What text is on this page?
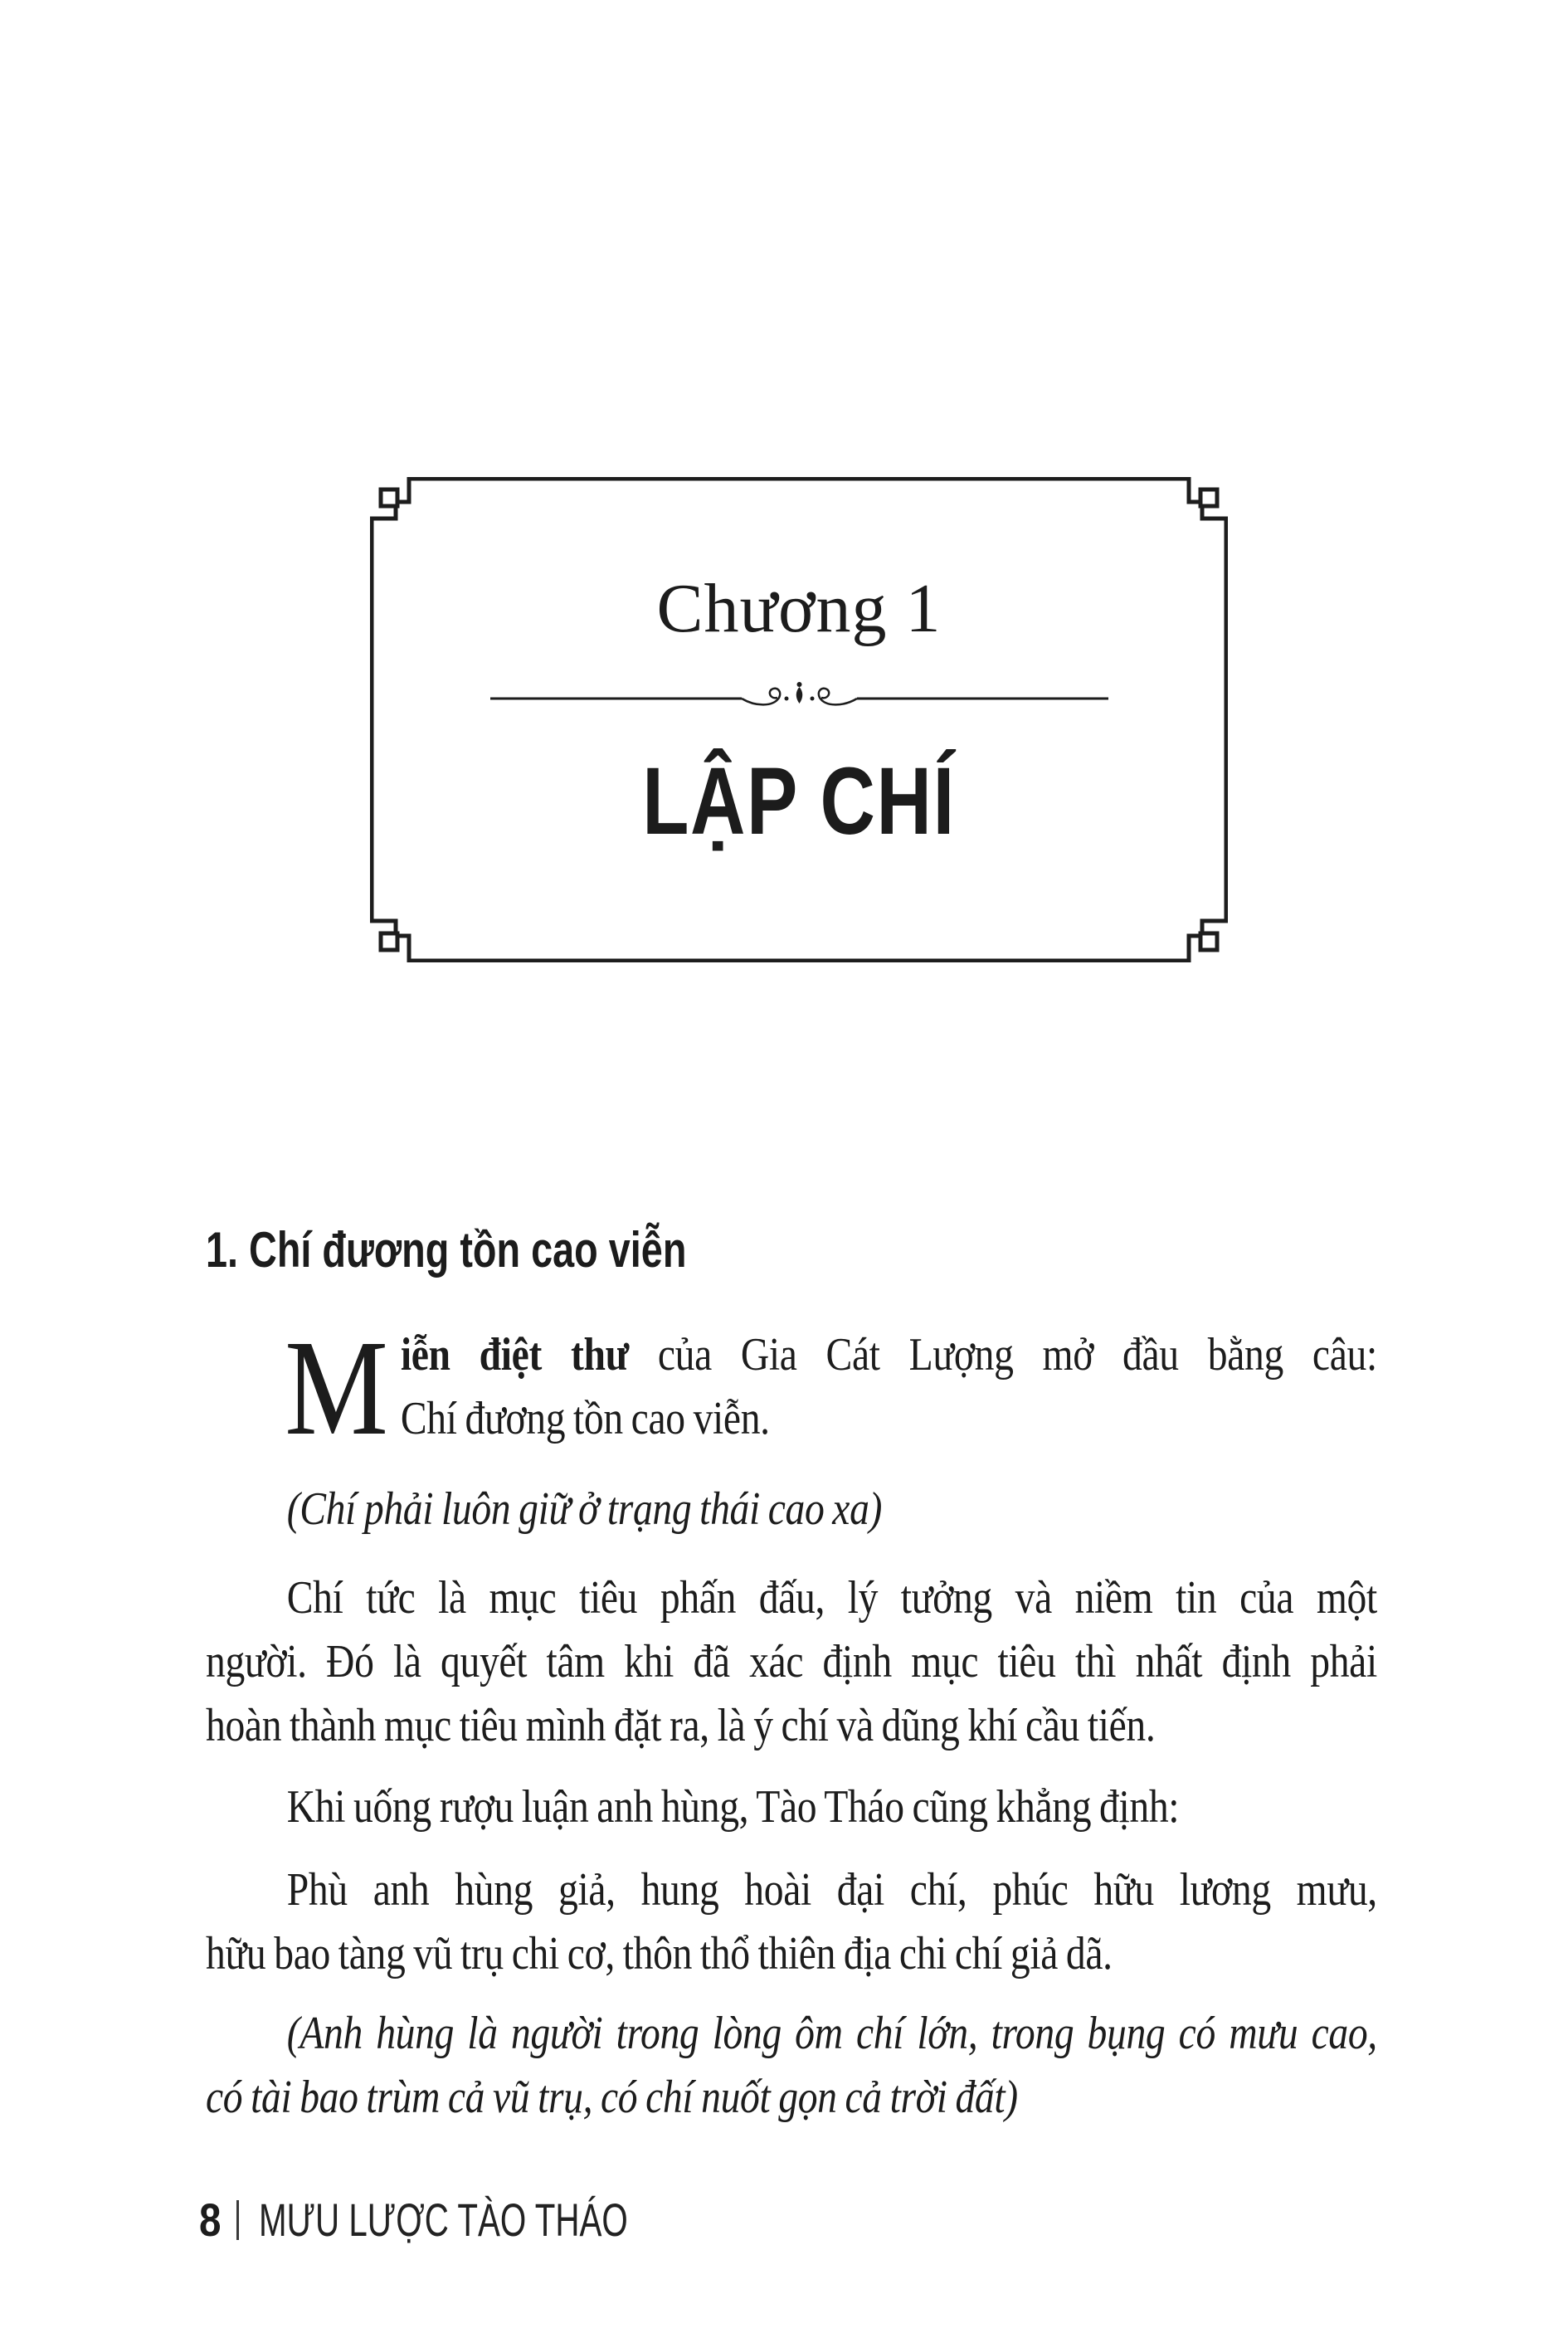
Chương 1
LẬP CHÍ
1. Chí đương tồn cao viễn
M iễn điệt thư của Gia Cát Lượng mở đầu bằng câu:
Chí đương tồn cao viễn.
(Chí phải luôn giữ ở trạng thái cao xa)
Chí tức là mục tiêu phấn đấu, lý tưởng và niềm tin của một
người. Đó là quyết tâm khi đã xác định mục tiêu thì nhất định phải
hoàn thành mục tiêu mình đặt ra, là ý chí và dũng khí cầu tiến.
Khi uống rượu luận anh hùng, Tào Tháo cũng khẳng định:
Phù anh hùng giả, hung hoài đại chí, phúc hữu lương mưu,
hữu bao tàng vũ trụ chi cơ, thôn thổ thiên địa chi chí giả dã.
(Anh hùng là người trong lòng ôm chí lớn, trong bụng có mưu cao,
có tài bao trùm cả vũ trụ, có chí nuốt gọn cả trời đất)
8 MƯU LƯỢC TÀO THÁO
